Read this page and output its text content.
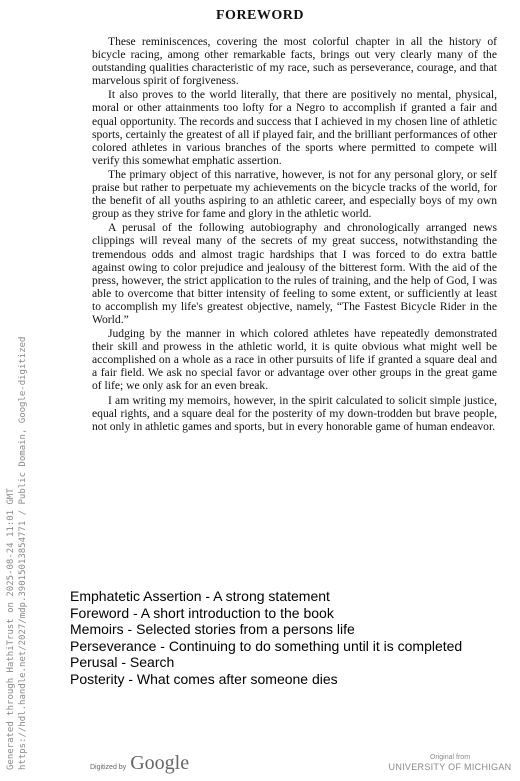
FOREWORD

These reminiscences, covering the most colorful chapter in all the history of bicycle racing, among other remarkable facts, brings out very clearly many of the outstanding qualities characteristic of my race, such as perseverance, courage, and that marvelous spirit of forgiveness.

It also proves to the world literally, that there are positively no mental, physical, moral or other attainments too lofty for a Negro to accomplish if granted a fair and equal opportunity. The records and success that I achieved in my chosen line of athletic sports, certainly the greatest of all if played fair, and the brilliant performances of other colored athletes in various branches of the sports where permitted to compete will verify this somewhat emphatic assertion.

The primary object of this narrative, however, is not for any personal glory, or self praise but rather to perpetuate my achievements on the bicycle tracks of the world, for the benefit of all youths aspiring to an athletic career, and especially boys of my own group as they strive for fame and glory in the athletic world.

A perusal of the following autobiography and chronologically arranged news clippings will reveal many of the secrets of my great success, notwithstanding the tremendous odds and almost tragic hardships that I was forced to do extra battle against owing to color prejudice and jealousy of the bitterest form. With the aid of the press, however, the strict application to the rules of training, and the help of God, I was able to overcome that bitter intensity of feeling to some extent, or sufficiently at least to accomplish my life's greatest objective, namely, “The Fastest Bicycle Rider in the World.”

Judging by the manner in which colored athletes have repeatedly demonstrated their skill and prowess in the athletic world, it is quite obvious what might well be accomplished on a whole as a race in other pursuits of life if granted a square deal and a fair field. We ask no special favor or advantage over other groups in the great game of life; we only ask for an even break.

I am writing my memoirs, however, in the spirit calculated to solicit simple justice, equal rights, and a square deal for the posterity of my down-trodden but brave people, not only in athletic games and sports, but in every honorable game of human endeavor.

Generated through HathiTrust on 2025-08-24 11:01 GMT https://hdl.handle.net/2027/mdp.39015013854771 / Public Domain, Google-digitized	Emphatetic Assertion - A strong statement
Foreword - A short introduction to the book
Memoirs - Selected stories from a persons life
Perseverance - Continuing to do something until it is completed
Perusal - Search
Posterity - What comes after someone dies
Digitized by Google	Original from
UNIVERSITY OF MICHIGAN
